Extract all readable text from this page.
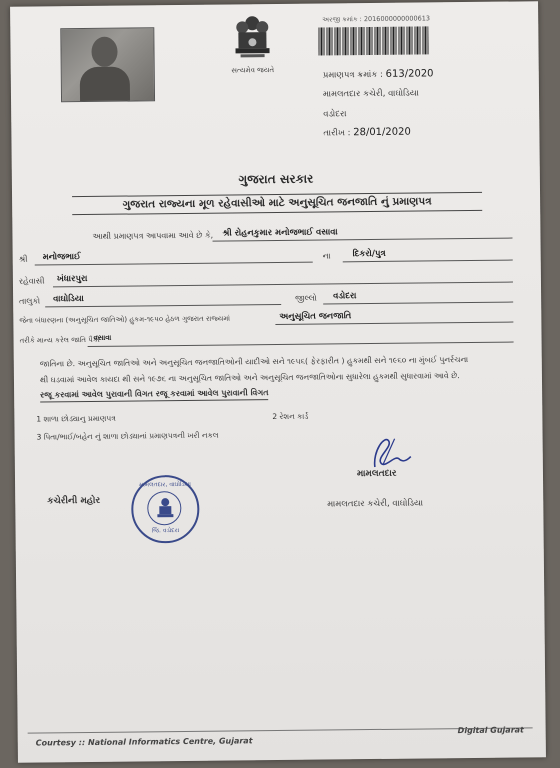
સત્યમેવ જયતે
અરજી ક્રમાંક : 2016000000000613
પ્રમાણપત્ર ક્રમાંક : 613/2020
મામલતદાર કચેરી, વાઘોડિયા
વડોદરા
તારીખ : 28/01/2020
ગુજરાત સરકાર
ગુજરાત રાજ્યના મૂળ રહેવાસીઓ માટે અનુસૂચિત જનજાતિ નું પ્રમાણપત્ર
આથી પ્રમાણપત્ર આપવામા આવે છે કે, શ્રી રોહનકુમાર મનોજભાઈ વસાવા
શ્રી મનોજભાઈ	ના	દિકરો/પુત્ર
રહેવાસી ખંધારપુરા
તાલુકો વાઘોડિયા	જીલ્લો વડોદરા
જેના બંધારણના (અનુસૂચિત જાતિઓ) હુકમ-૧૯૫૦ હેઠળ ગુજરાત રાજ્યમાં	અનુસૂચિત જનજાતિ
તરીકે માન્ય કરેલ જાતિ પૈકી
વસાવા
જાતિના છે. અનુસૂચિત જાતિઓ અને અનુસૂચિત જનજાતિઓની યાદીઓ સને ૧૯૫૬( ફેરફારીત ) હુકમથી સને ૧૯૬૦ ના મુંબઈ પુનર્રચના
થી ઘડવામાં આવેલ કાયદા થી સને ૧૯૭૬ ના અનુસૂચિત જાતિઓ અને અનુસૂચિત જનજાતિઓના સુધારેલા હુકમથી સુધારવામાં આવે છે.
રજૂ કરવામાં આવેલ પુરાવાની વિગત રજૂ કરવામાં આવેલ પુરાવાની વિગત
1 શાળા છોડ્યાનુ પ્રમાણપત્ર	2 રેશન કાર્ડ
3 પિતા/ભાઈ/બહેન નું શાળા છોડ્યાનાં પ્રમાણપત્રની ખરી નકલ
મામલતદાર
મામલતદાર કચેરી, વાઘોડિયા
કચેરીની મહોર
મામલતદાર, વાઘોડિયા
જિ. વડોદરા
Courtesy :: National Informatics Centre, Gujarat
Digital Gujarat
